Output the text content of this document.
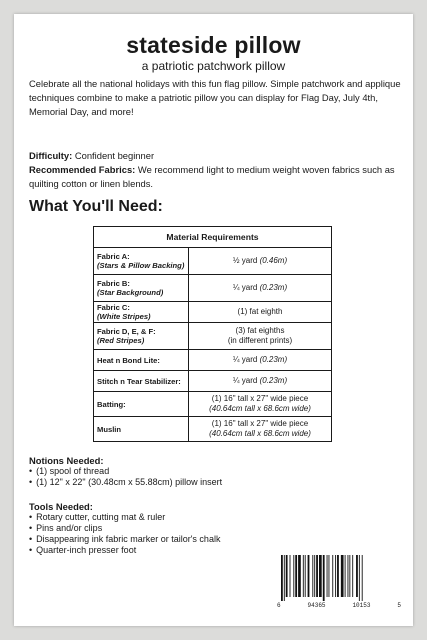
stateside pillow
a patriotic patchwork pillow
Celebrate all the national holidays with this fun flag pillow. Simple patchwork and applique techniques combine to make a patriotic pillow you can display for Flag Day, July 4th, Memorial Day, and more!
Difficulty: Confident beginner
Recommended Fabrics: We recommend light to medium weight woven fabrics such as quilting cotton or linen blends.
What You'll Need:
Material Requirements	

Fabric A:
(Stars & Pillow Backing)	½ yard (0.46m)

Fabric B:
(Star Background)	¼ yard (0.23m)

Fabric C:
(White Stripes)	(1) fat eighth

Fabric D, E, & F:
(Red Stripes)	(3) fat eighths
(in different prints)

Heat n Bond Lite:	¼ yard (0.23m)

Stitch n Tear Stabilizer:	¼ yard (0.23m)

Batting:	(1) 16" tall x 27" wide piece
(40.64cm tall x 68.6cm wide)

Muslin	(1) 16" tall x 27" wide piece
(40.64cm tall x 68.6cm wide)
Notions Needed:
• (1) spool of thread
• (1) 12" x 22" (30.48cm x 55.88cm) pillow insert
Tools Needed:
• Rotary cutter, cutting mat & ruler
• Pins and/or clips
• Disappearing ink fabric marker or tailor's chalk
• Quarter-inch presser foot
6	94365	10153	5
